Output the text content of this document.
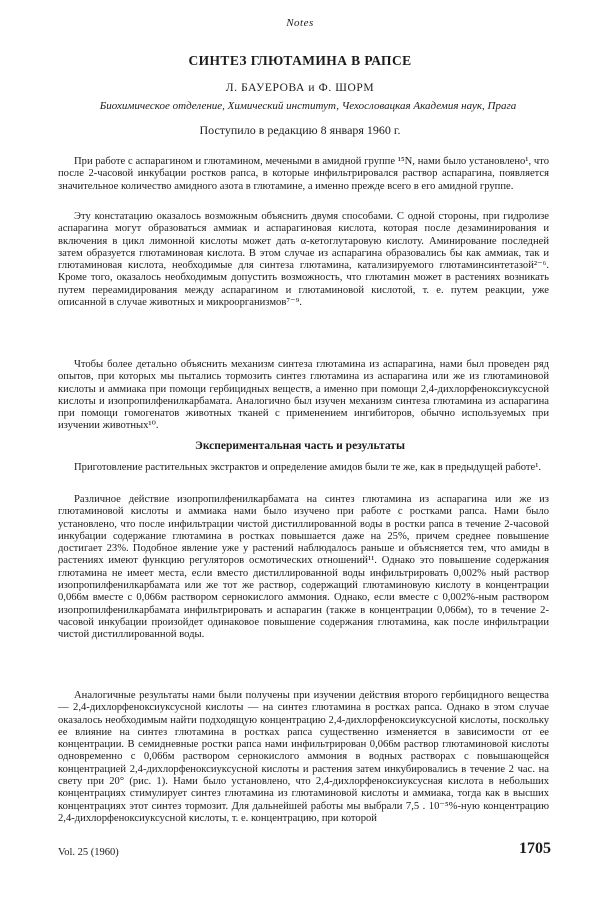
Notes
СИНТЕЗ ГЛЮТАМИНА В РАПСЕ
Л. БАУЕРОВА и Ф. ШОРМ
Биохимическое отделение, Химический институт, Чехословацкая Академия наук, Прага
Поступило в редакцию 8 января 1960 г.

При работе с аспарагином и глютамином, мечеными в амидной группе ¹⁵N, нами было установлено¹, что после 2-часовой инкубации ростков рапса, в которые инфильтрировался раствор аспарагина, появляется значительное количество амидного азота в глютамине, а именно прежде всего в его амидной группе.

Эту констатацию оказалось возможным объяснить двумя способами. С одной стороны, при гидролизе аспарагина могут образоваться аммиак и аспарагиновая кислота, которая после дезаминирования и включения в цикл лимонной кислоты может дать α-кетоглутаровую кислоту. Аминирование последней затем образуется глютаминовая кислота. В этом случае из аспарагина образовались бы как аммиак, так и глютаминовая кислота, необходимые для синтеза глютамина, катализируемого глютаминсинтетазой²⁻⁶. Кроме того, оказалось необходимым допустить возможность, что глютамин может в растениях возникать путем переамидирования между аспарагином и глютаминовой кислотой, т. е. путем реакции, уже описанной в случае животных и микроорганизмов⁷⁻⁹.

Чтобы более детально объяснить механизм синтеза глютамина из аспарагина, нами был проведен ряд опытов, при которых мы пытались тормозить синтез глютамина из аспарагина или же из глютаминовой кислоты и аммиака при помощи гербицидных веществ, а именно при помощи 2,4-дихлорфеноксиуксусной кислоты и изопропилфенилкарбамата. Аналогично был изучен механизм синтеза глютамина из аспарагина при помощи гомогенатов животных тканей с применением ингибиторов, обычно используемых при изучении животных¹⁰.

Экспериментальная часть и результаты

Приготовление растительных экстрактов и определение амидов были те же, как в предыдущей работе¹.

Различное действие изопропилфенилкарбамата на синтез глютамина из аспарагина или же из глютаминовой кислоты и аммиака нами было изучено при работе с ростками рапса. Нами было установлено, что после инфильтрации чистой дистиллированной воды в ростки рапса в течение 2-часовой инкубации содержание глютамина в ростках повышается даже на 25%, причем среднее повышение достигает 23%. Подобное явление уже у растений наблюдалось раньше и объясняется тем, что амиды в растениях имеют функцию регуляторов осмотических отношений¹¹. Однако это повышение содержания глютамина не имеет места, если вместо дистиллированной воды инфильтрировать 0,002% ный раствор изопропилфенилкарбамата или же тот же раствор, содержащий глютаминовую кислоту в концентрации 0,066м вместе с 0,066м раствором сернокислого аммония. Однако, если вместе с 0,002%-ным раствором изопропилфенилкарбамата инфильтрировать и аспарагин (также в концентрации 0,066м), то в течение 2-часовой инкубации произойдет одинаковое повышение содержания глютамина, как после инфильтрации чистой дистиллированной воды.

Аналогичные результаты нами были получены при изучении действия второго гербицидного вещества — 2,4-дихлорфеноксиуксусной кислоты — на синтез глютамина в ростках рапса. Однако в этом случае оказалось необходимым найти подходящую концентрацию 2,4-дихлорфеноксиуксусной кислоты, поскольку ее влияние на синтез глютамина в ростках рапса существенно изменяется в зависимости от ее концентрации. В семидневные ростки рапса нами инфильтрирован 0,066м раствор глютаминовой кислоты одновременно с 0,066м раствором сернокислого аммония в водных растворах с повышающейся концентрацией 2,4-дихлорфеноксиуксусной кислоты и растения затем инкубировались в течение 2 час. на свету при 20° (рис. 1). Нами было установлено, что 2,4-дихлорфеноксиуксусная кислота в небольших концентрациях стимулирует синтез глютамина из глютаминовой кислоты и аммиака, тогда как в высших концентрациях этот синтез тормозит. Для дальнейшей работы мы выбрали 7,5 . 10⁻⁵%-ную концентрацию 2,4-дихлорфеноксиуксусной кислоты, т. е. концентрацию, при которой

Vol. 25 (1960)	1705
